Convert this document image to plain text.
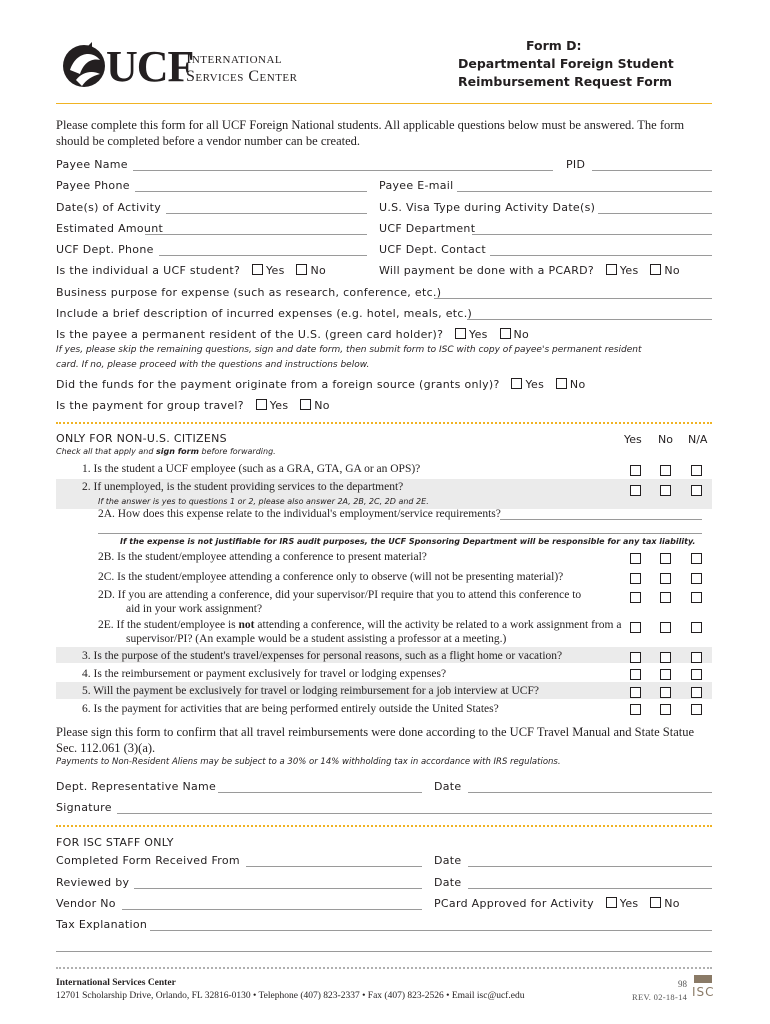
UCF
International
Services Center
Form D:
Departmental Foreign Student
Reimbursement Request Form
Please complete this form for all UCF Foreign National students. All applicable questions below must be answered. The form should be completed before a vendor number can be created.
Payee Name	PID
Payee Phone	Payee E-mail
Date(s) of Activity	U.S. Visa Type during Activity Date(s)
Estimated Amount	UCF Department
UCF Dept. Phone	UCF Dept. Contact
Is the individual a UCF student? Yes No	Will payment be done with a PCARD? Yes No
Business purpose for expense (such as research, conference, etc.)
Include a brief description of incurred expenses (e.g. hotel, meals, etc.)
Is the payee a permanent resident of the U.S. (green card holder)? Yes No
If yes, please skip the remaining questions, sign and date form, then submit form to ISC with copy of payee's permanent resident
card. If no, please proceed with the questions and instructions below.
Did the funds for the payment originate from a foreign source (grants only)? Yes No
Is the payment for group travel? Yes No
ONLY FOR NON-U.S. CITIZENS
Check all that apply and sign form before forwarding.
Yes No N/A
1. Is the student a UCF employee (such as a GRA, GTA, GA or an OPS)?
2. If unemployed, is the student providing services to the department?
If the answer is yes to questions 1 or 2, please also answer 2A, 2B, 2C, 2D and 2E.
2A. How does this expense relate to the individual's employment/service requirements?
If the expense is not justifiable for IRS audit purposes, the UCF Sponsoring Department will be responsible for any tax liability.
2B. Is the student/employee attending a conference to present material?
2C. Is the student/employee attending a conference only to observe (will not be presenting material)?
2D. If you are attending a conference, did your supervisor/PI require that you to attend this conference to
aid in your work assignment?
2E. If the student/employee is not attending a conference, will the activity be related to a work assignment from a
supervisor/PI? (An example would be a student assisting a professor at a meeting.)
3. Is the purpose of the student's travel/expenses for personal reasons, such as a flight home or vacation?
4. Is the reimbursement or payment exclusively for travel or lodging expenses?
5. Will the payment be exclusively for travel or lodging reimbursement for a job interview at UCF?
6. Is the payment for activities that are being performed entirely outside the United States?
Please sign this form to confirm that all travel reimbursements were done according to the UCF Travel Manual and State Statue Sec. 112.061 (3)(a).
Payments to Non-Resident Aliens may be subject to a 30% or 14% withholding tax in accordance with IRS regulations.
Dept. Representative Name	Date
Signature
FOR ISC STAFF ONLY
Completed Form Received From	Date
Reviewed by	Date
Vendor No	PCard Approved for Activity Yes No
Tax Explanation
International Services Center
12701 Scholarship Drive, Orlando, FL 32816-0130 • Telephone (407) 823-2337 • Fax (407) 823-2526 • Email isc@ucf.edu
98
REV. 02-18-14 ISC
